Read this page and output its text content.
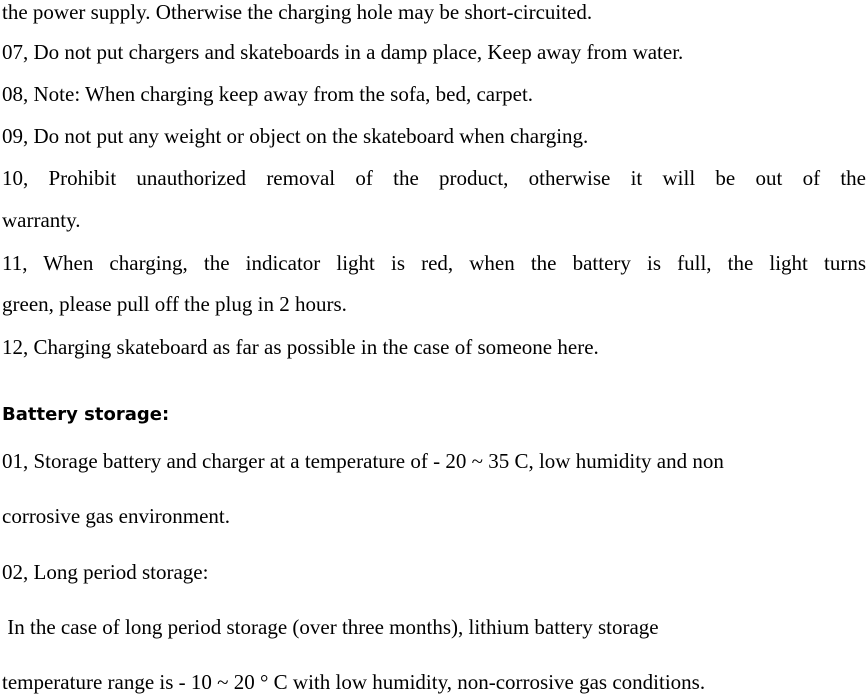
the power supply. Otherwise the charging hole may be short-circuited.
07, Do not put chargers and skateboards in a damp place, Keep away from water.
08, Note: When charging keep away from the sofa, bed, carpet.
09, Do not put any weight or object on the skateboard when charging.
10, Prohibit unauthorized removal of the product, otherwise it will be out of the
warranty.
11, When charging, the indicator light is red, when the battery is full, the light turns
green, please pull off the plug in 2 hours.
12, Charging skateboard as far as possible in the case of someone here.
Battery storage:
01, Storage battery and charger at a temperature of - 20 ~ 35 C, low humidity and non
corrosive gas environment.
02, Long period storage:
In the case of long period storage (over three months), lithium battery storage
temperature range is - 10 ~ 20 ° C with low humidity, non-corrosive gas conditions.
